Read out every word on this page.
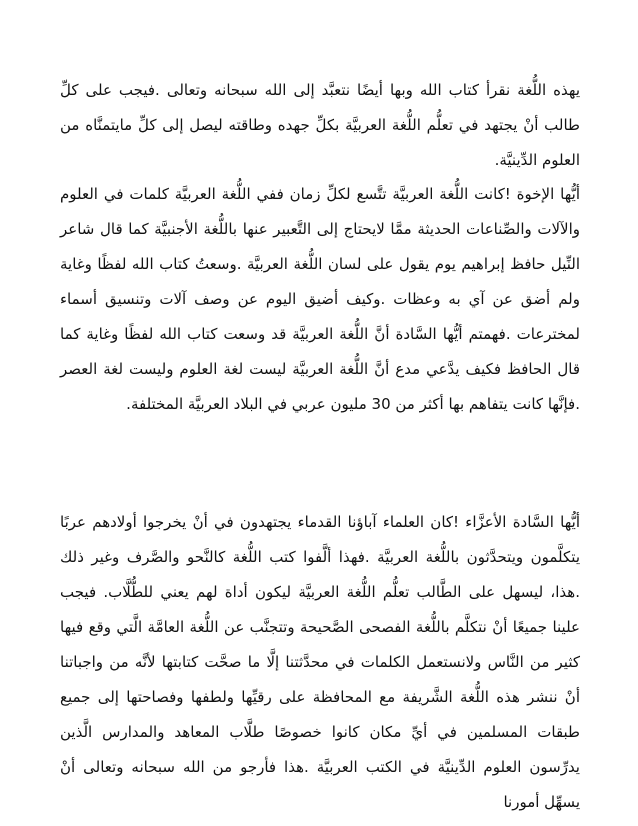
يهذه اللُّغة نقرأ كتاب الله وبها أيضًا نتعبَّد إلى الله سبحانه وتعالى .فيجب على كلِّ طالب أنْ يجتهد في تعلُّم اللُّغة العربيَّة بكلِّ جهده وطاقته ليصل إلى كلِّ مايتمنَّاه من العلوم الدِّينيَّة.

أيُّها الإخوة !كانت اللُّغة العربيَّة تتَّسع لكلِّ زمان ففي اللُّغة العربيَّة كلمات في العلوم والآلات والصِّناعات الحديثة ممَّا لايحتاج إلى التَّعبير عنها باللُّغة الأجنبيَّة كما قال شاعر النِّيل حافظ إبراهيم يوم يقول على لسان اللُّغة العربيَّة .وسعتُ كتاب الله لفظًا وغاية ولم أضق عن آي به وعظات .وكيف أضيق اليوم عن وصف آلات وتنسيق أسماء لمخترعات .فهمتم أيُّها السَّادة أنَّ اللُّغة العربيَّة قد وسعت كتاب الله لفظًا وغاية كما قال الحافظ فكيف يدَّعي مدع أنَّ اللُّغة العربيَّة ليست لغة العلوم وليست لغة العصر .فإنَّها كانت يتفاهم بها أكثر من 30 مليون عربي في البلاد العربيَّة المختلفة.

أيُّها السَّادة الأعزَّاء !كان العلماء آباؤنا القدماء يجتهدون في أنْ يخرجوا أولادهم عربًا يتكلَّمون ويتحدَّثون باللُّغة العربيَّة .فهذا ألَّفوا كتب اللُّغة كالنَّحو والصَّرف وغير ذلك .هذا، ليسهل على الطَّالب تعلُّم اللُّغة العربيَّة ليكون أداة لهم يعني للطُّلَّاب. فيجب علينا جميعًا أنْ نتكلَّم باللُّغة الفصحى الصَّحيحة وتتجنَّب عن اللُّغة العامَّة الَّتي وقع فيها كثير من النَّاس ولانستعمل الكلمات في محدَّثتنا إلَّا ما صحَّت كتابتها لأنَّه من واجباتنا أنْ ننشر هذه اللُّغة الشَّريفة مع المحافظة على رقيِّها ولطفها وفصاحتها إلى جميع طبقات المسلمين في أيِّ مكان كانوا خصوصًا طلَّاب المعاهد والمدارس الَّذين يدرِّسون العلوم الدِّينيَّة في الكتب العربيَّة .هذا فأرجو من الله سبحانه وتعالى أنْ يسهِّل أمورنا
